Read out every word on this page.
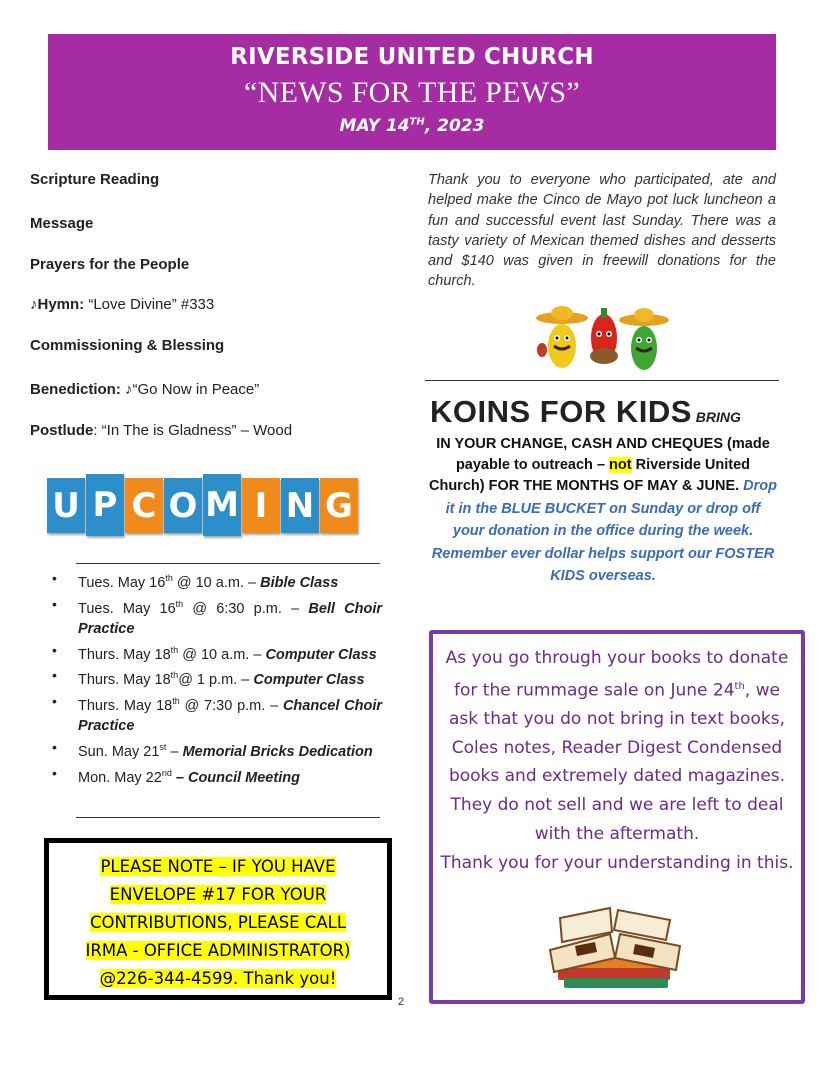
RIVERSIDE UNITED CHURCH
“NEWS FOR THE PEWS”
MAY 14TH, 2023
Scripture Reading
Message
Prayers for the People
♪Hymn: “Love Divine” #333
Commissioning & Blessing
Benediction: ♪“Go Now in Peace”
Postlude: “In The is Gladness” – Wood
U P C O M I N G
• Tues. May 16th @ 10 a.m. – Bible Class
• Tues. May 16th @ 6:30 p.m. – Bell Choir Practice
• Thurs. May 18th @ 10 a.m. – Computer Class
• Thurs. May 18th@ 1 p.m. – Computer Class
• Thurs. May 18th @ 7:30 p.m. – Chancel Choir Practice
• Sun. May 21st – Memorial Bricks Dedication
• Mon. May 22nd – Council Meeting
PLEASE NOTE – IF YOU HAVE
ENVELOPE #17 FOR YOUR
CONTRIBUTIONS, PLEASE CALL
IRMA - OFFICE ADMINISTRATOR)
@226-344-4599. Thank you!
2
Thank you to everyone who participated, ate and helped make the Cinco de Mayo pot luck luncheon a fun and successful event last Sunday. There was a tasty variety of Mexican themed dishes and desserts and $140 was given in freewill donations for the church.
KOINS FOR KIDS BRING
IN YOUR CHANGE, CASH AND CHEQUES (made payable to outreach – not Riverside United Church) FOR THE MONTHS OF MAY & JUNE. Drop it in the BLUE BUCKET on Sunday or drop off your donation in the office during the week. Remember ever dollar helps support our FOSTER KIDS overseas.
As you go through your books to donate for the rummage sale on June 24th, we ask that you do not bring in text books, Coles notes, Reader Digest Condensed books and extremely dated magazines. They do not sell and we are left to deal with the aftermath.
Thank you for your understanding in this.
